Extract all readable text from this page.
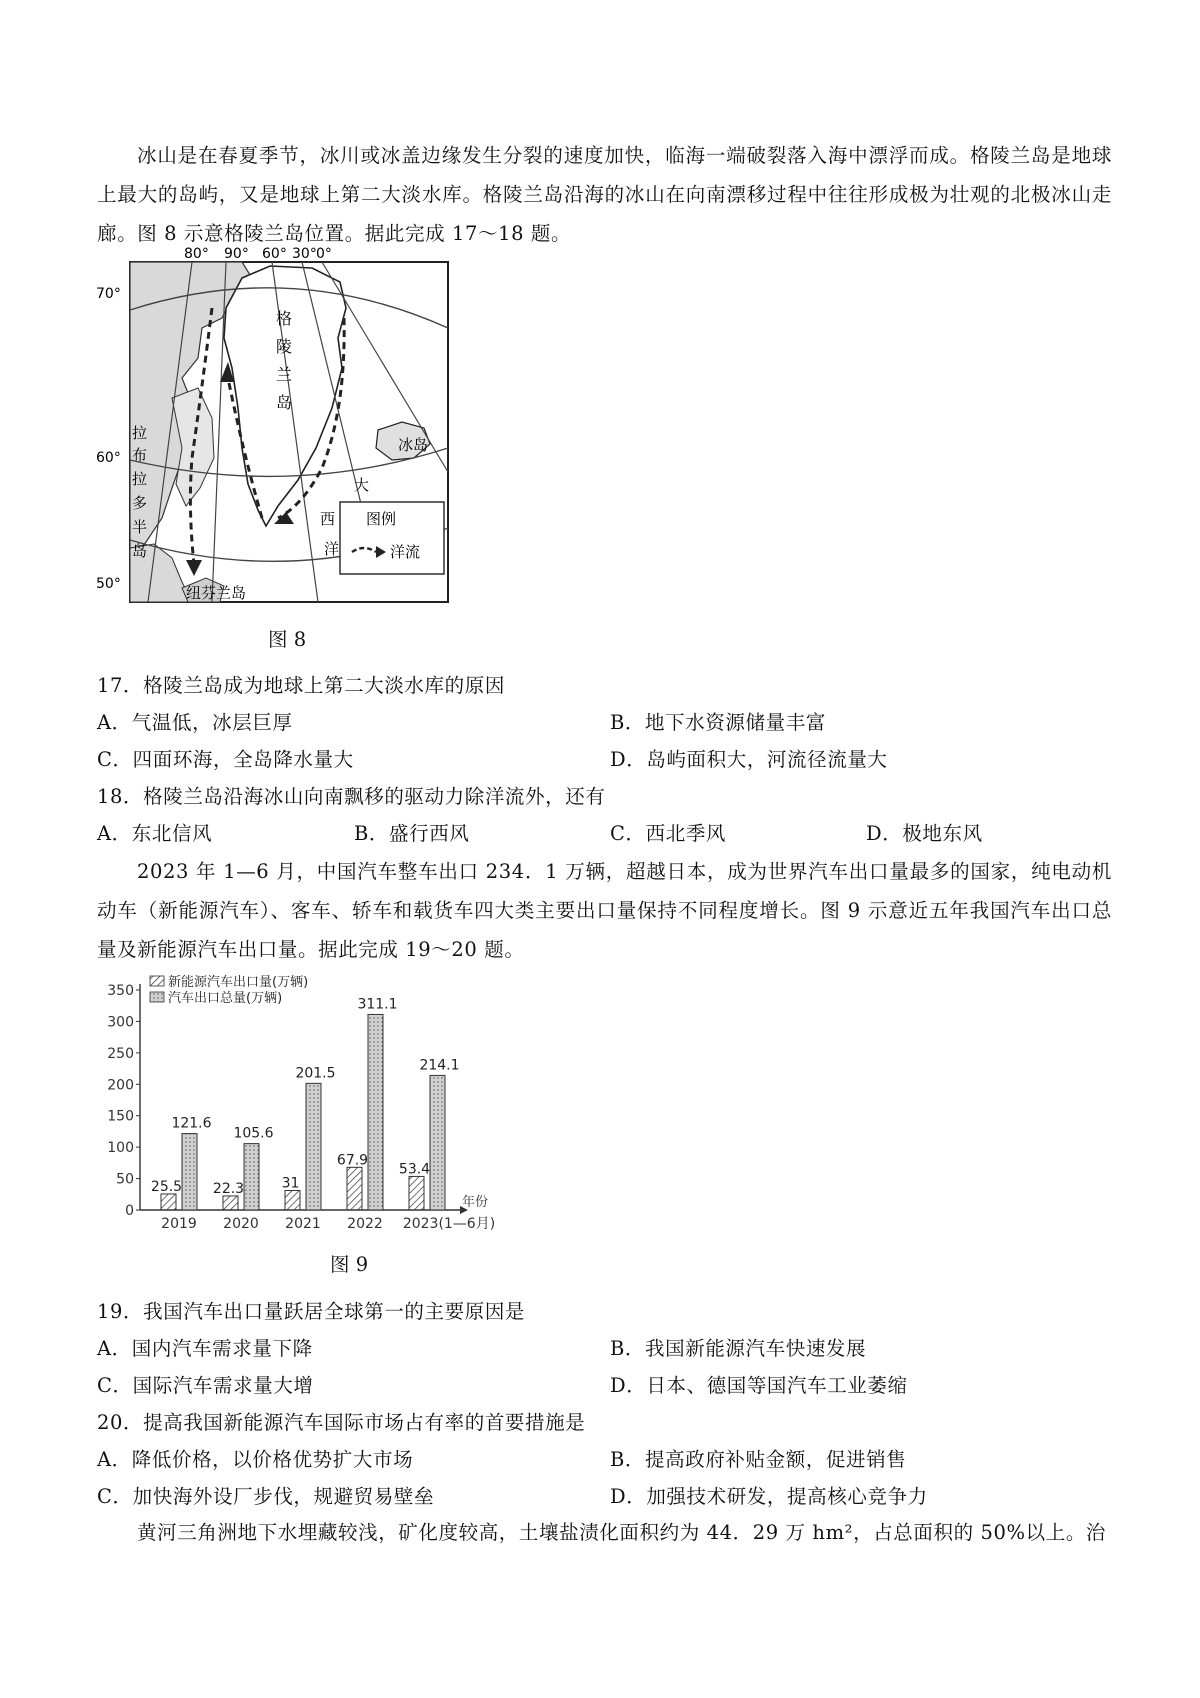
冰山是在春夏季节，冰川或冰盖边缘发生分裂的速度加快，临海一端破裂落入海中漂浮而成。格陵兰岛是地球上最大的岛屿，又是地球上第二大淡水库。格陵兰岛沿海的冰山在向南漂移过程中往往形成极为壮观的北极冰山走廊。图 8 示意格陵兰岛位置。据此完成 17～18 题。

80° 90° 60° 30° 0°
70°
60°
50°
格
陵
兰
岛
冰岛
大
西
洋
拉
布
拉
多
半
岛
纽芬兰岛
图例
洋流
图 8
17．格陵兰岛成为地球上第二大淡水库的原因
A．气温低，冰层巨厚	B．地下水资源储量丰富
C．四面环海，全岛降水量大	D．岛屿面积大，河流径流量大
18．格陵兰岛沿海冰山向南飘移的驱动力除洋流外，还有
A．东北信风	B．盛行西风	C．西北季风	D．极地东风

2023 年 1—6 月，中国汽车整车出口 234．1 万辆，超越日本，成为世界汽车出口量最多的国家，纯电动机动车（新能源汽车）、客车、轿车和载货车四大类主要出口量保持不同程度增长。图 9 示意近五年我国汽车出口总量及新能源汽车出口量。据此完成 19～20 题。

0
50
100
150
200
250
300
350
25.5
121.6
2019
22.3
105.6
2020
31
201.5
2021
67.9
311.1
2022
53.4
214.1
2023(1—6月)
年份
新能源汽车出口量(万辆)
汽车出口总量(万辆)
图 9
19．我国汽车出口量跃居全球第一的主要原因是
A．国内汽车需求量下降	B．我国新能源汽车快速发展
C．国际汽车需求量大增	D．日本、德国等国汽车工业萎缩
20．提高我国新能源汽车国际市场占有率的首要措施是
A．降低价格，以价格优势扩大市场	B．提高政府补贴金额，促进销售
C．加快海外设厂步伐，规避贸易壁垒	D．加强技术研发，提高核心竞争力

黄河三角洲地下水埋藏较浅，矿化度较高，土壤盐渍化面积约为 44．29 万 hm²，占总面积的 50%以上。治
